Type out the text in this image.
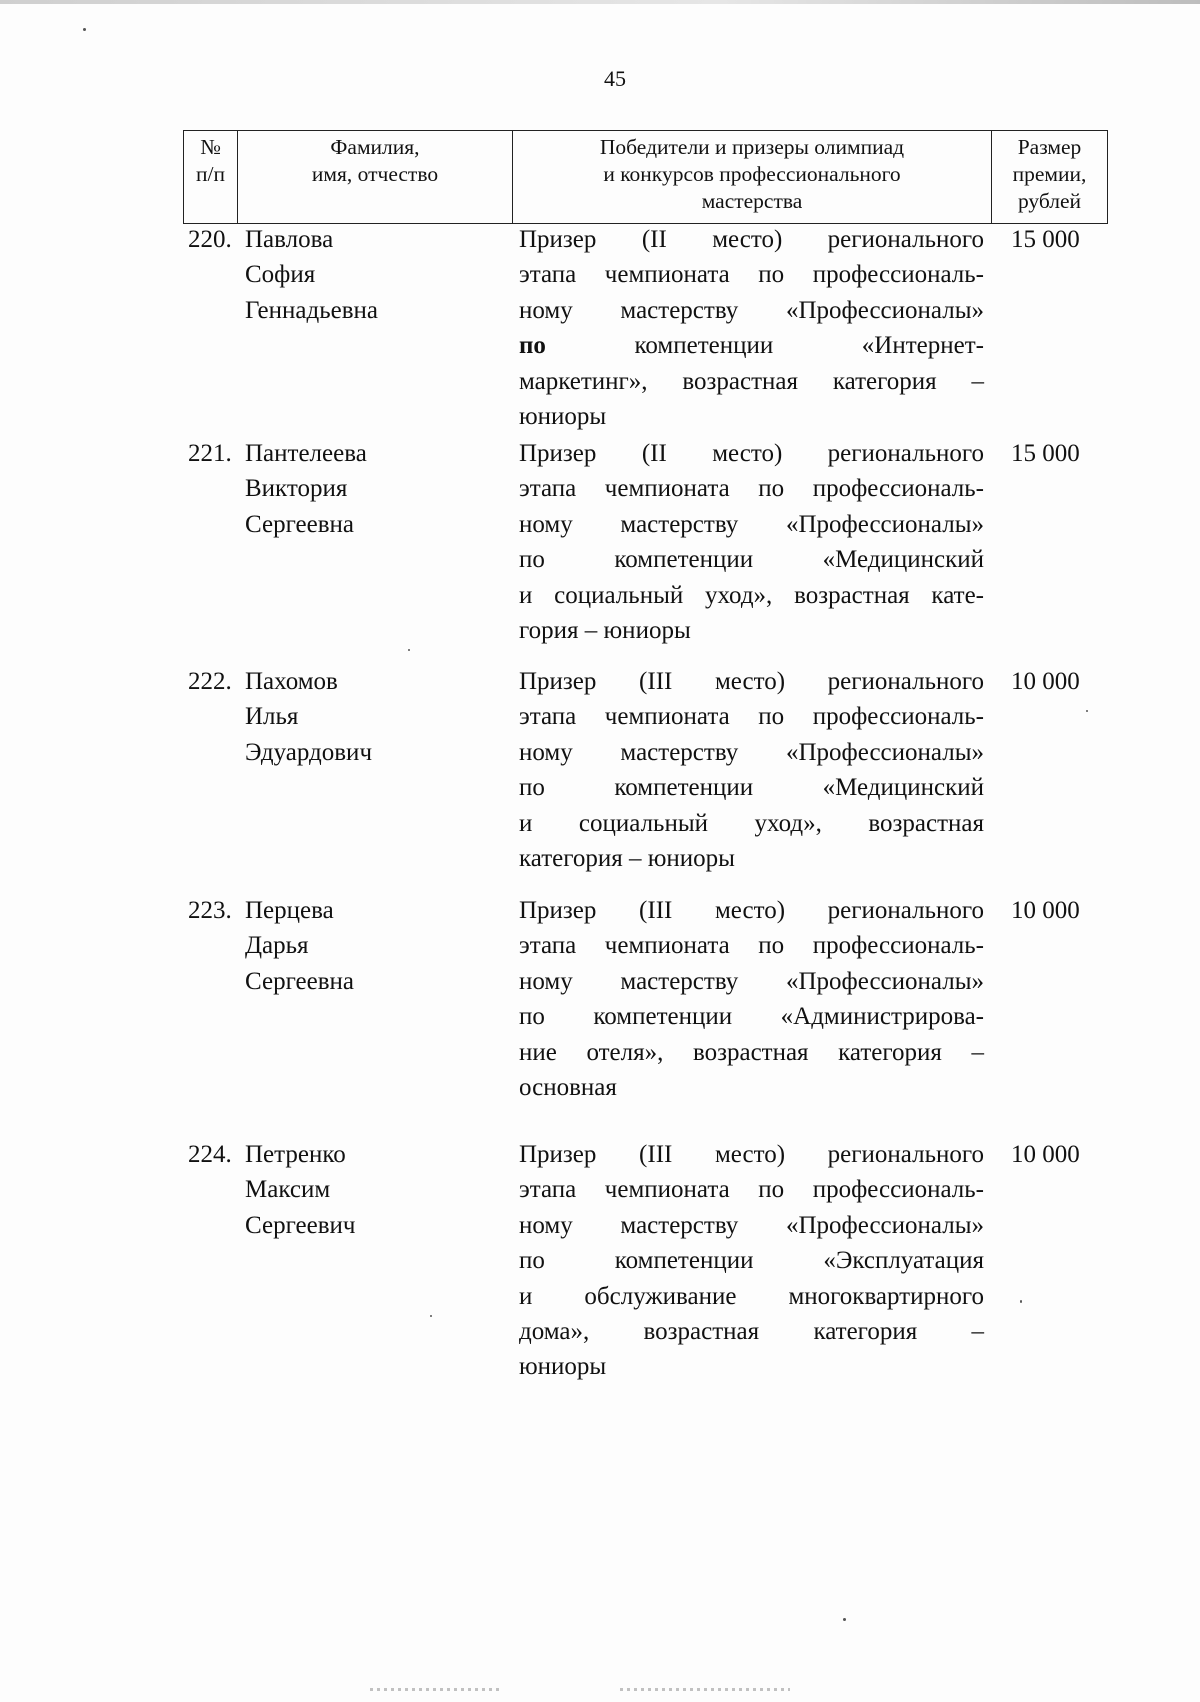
45
№
п/п
Фамилия,
имя, отчество
Победители и призеры олимпиад
и конкурсов профессионального
мастерства
Размер
премии,
рублей
220. Павлова
София
Геннадьевна
Призер (II место) регионального
этапа чемпионата по профессиональ-
ному мастерству «Профессионалы»
по компетенции «Интернет-
маркетинг», возрастная категория –
юниоры
15 000
221. Пантелеева
Виктория
Сергеевна
Призер (II место) регионального
этапа чемпионата по профессиональ-
ному мастерству «Профессионалы»
по компетенции «Медицинский
и социальный уход», возрастная кате-
гория – юниоры
15 000
222. Пахомов
Илья
Эдуардович
Призер (III место) регионального
этапа чемпионата по профессиональ-
ному мастерству «Профессионалы»
по компетенции «Медицинский
и социальный уход», возрастная
категория – юниоры
10 000
223. Перцева
Дарья
Сергеевна
Призер (III место) регионального
этапа чемпионата по профессиональ-
ному мастерству «Профессионалы»
по компетенции «Администрирова-
ние отеля», возрастная категория –
основная
10 000
224. Петренко
Максим
Сергеевич
Призер (III место) регионального
этапа чемпионата по профессиональ-
ному мастерству «Профессионалы»
по компетенции «Эксплуатация
и обслуживание многоквартирного
дома», возрастная категория –
юниоры
10 000
